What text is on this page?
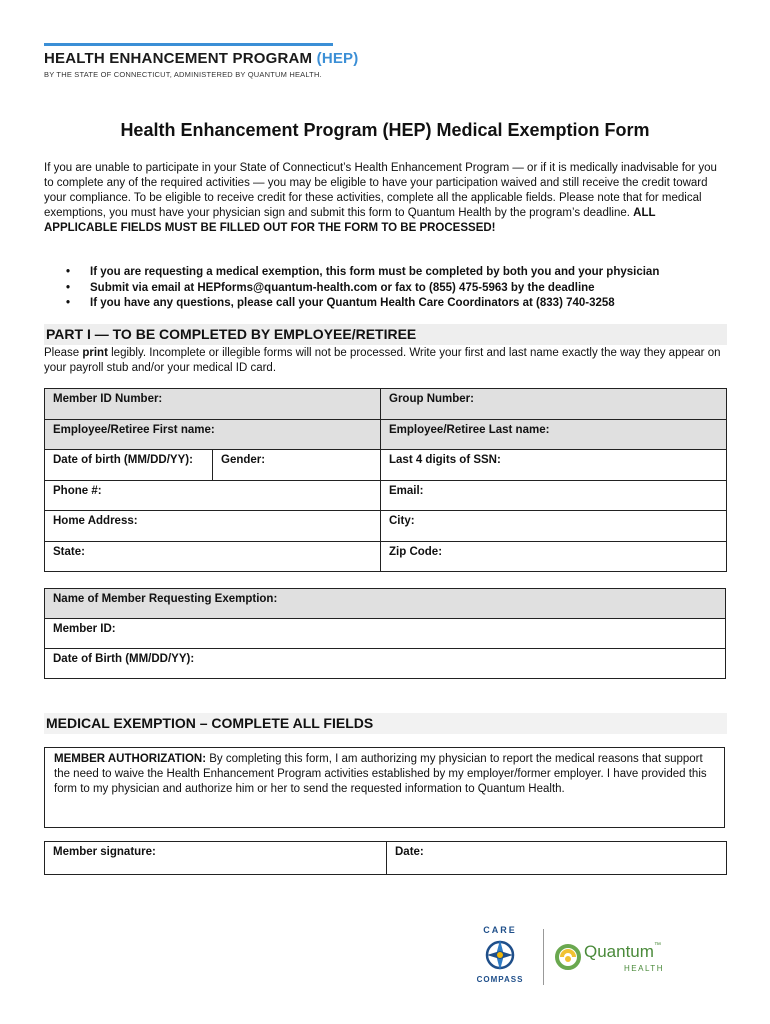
HEALTH ENHANCEMENT PROGRAM (HEP)
BY THE STATE OF CONNECTICUT, ADMINISTERED BY QUANTUM HEALTH.
Health Enhancement Program (HEP) Medical Exemption Form
If you are unable to participate in your State of Connecticut’s Health Enhancement Program — or if it is medically inadvisable for you to complete any of the required activities — you may be eligible to have your participation waived and still receive the credit toward your compliance. To be eligible to receive credit for these activities, complete all the applicable fields. Please note that for medical exemptions, you must have your physician sign and submit this form to Quantum Health by the program’s deadline. ALL APPLICABLE FIELDS MUST BE FILLED OUT FOR THE FORM TO BE PROCESSED!
• If you are requesting a medical exemption, this form must be completed by both you and your physician
• Submit via email at HEPforms@quantum-health.com or fax to (855) 475-5963 by the deadline
• If you have any questions, please call your Quantum Health Care Coordinators at (833) 740-3258
PART I — TO BE COMPLETED BY EMPLOYEE/RETIREE
Please print legibly. Incomplete or illegible forms will not be processed. Write your first and last name exactly the way they appear on your payroll stub and/or your medical ID card.
Member ID Number:		Group Number:
Employee/Retiree First name:		Employee/Retiree Last name:
Date of birth (MM/DD/YY):	Gender:	Last 4 digits of SSN:
Phone #:		Email:
Home Address:		City:
State:		Zip Code:
Name of Member Requesting Exemption:
Member ID:
Date of Birth (MM/DD/YY):
MEDICAL EXEMPTION – COMPLETE ALL FIELDS
MEMBER AUTHORIZATION: By completing this form, I am authorizing my physician to report the medical reasons that support the need to waive the Health Enhancement Program activities established by my employer/former employer. I have provided this form to my physician and authorize him or her to send the requested information to Quantum Health.
Member signature:	Date:
CARE
COMPASS
Quantum™
HEALTH
